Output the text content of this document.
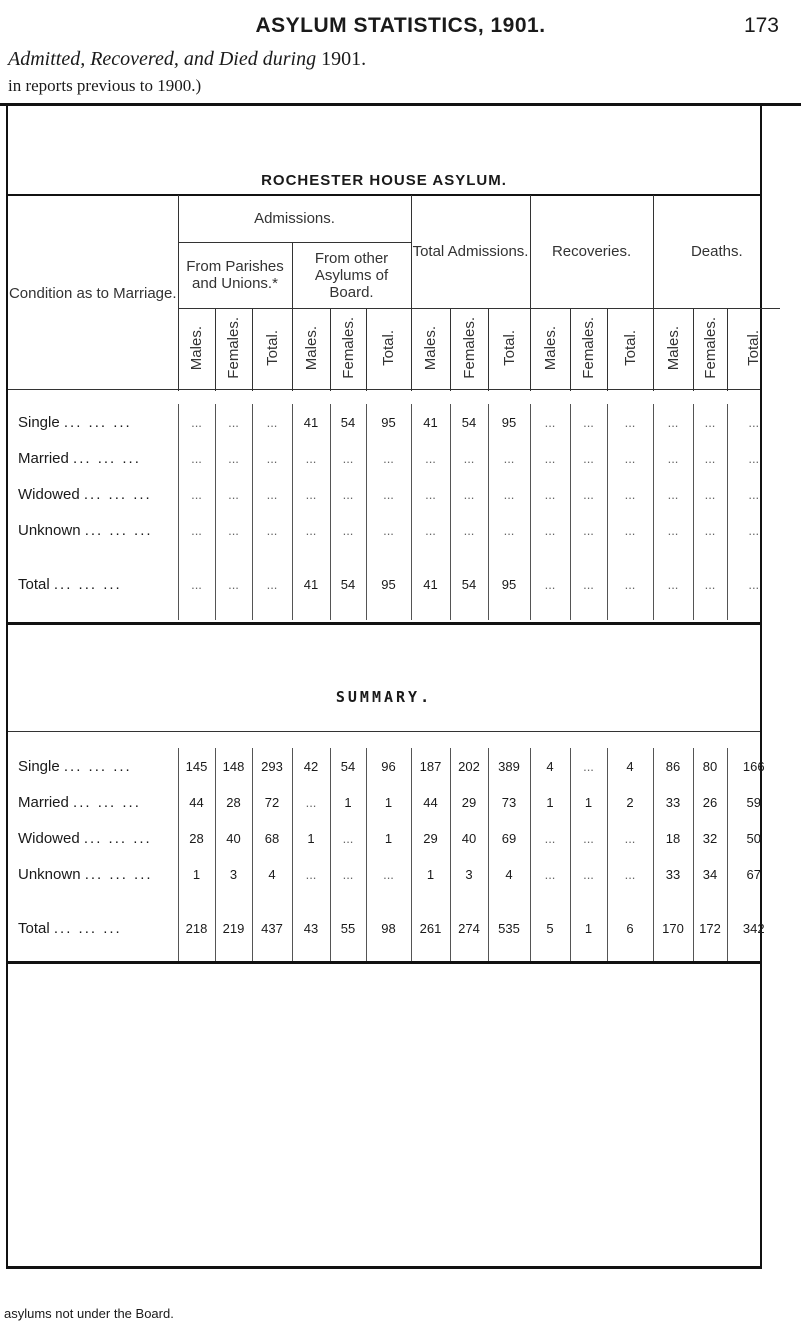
ASYLUM STATISTICS, 1901.	173
Admitted, Recovered, and Died during 1901.
in reports previous to 1900.)
ROCHESTER HOUSE ASYLUM.
Condition as to Marriage.	Admissions.						Total Admissions.			Recoveries.			Deaths.		
	From Parishes and Unions.*			From other Asylums of Board.											
	Males.	Females.	Total.	Males.	Females.	Total.	Males.	Females.	Total.	Males.	Females.	Total.	Males.	Females.	Total.
Single ... ... ...	...	...	...	41	54	95	41	54	95	...	...	...	...	...	...
Married ... ... ...	...	...	...	...	...	...	...	...	...	...	...	...	...	...	...
Widowed ... ... ...	...	...	...	...	...	...	...	...	...	...	...	...	...	...	...
Unknown ... ... ...	...	...	...	...	...	...	...	...	...	...	...	...	...	...	...
Total ... ... ...	...	...	...	41	54	95	41	54	95	...	...	...	...	...	...
SUMMARY.
Single ... ... ...	145	148	293	42	54	96	187	202	389	4	...	4	86	80	166
Married ... ... ...	44	28	72	...	1	1	44	29	73	1	1	2	33	26	59
Widowed ... ... ...	28	40	68	1	...	1	29	40	69	...	...	...	18	32	50
Unknown ... ... ...	1	3	4	...	...	...	1	3	4	...	...	...	33	34	67
Total ... ... ...	218	219	437	43	55	98	261	274	535	5	1	6	170	172	342
asylums not under the Board.
